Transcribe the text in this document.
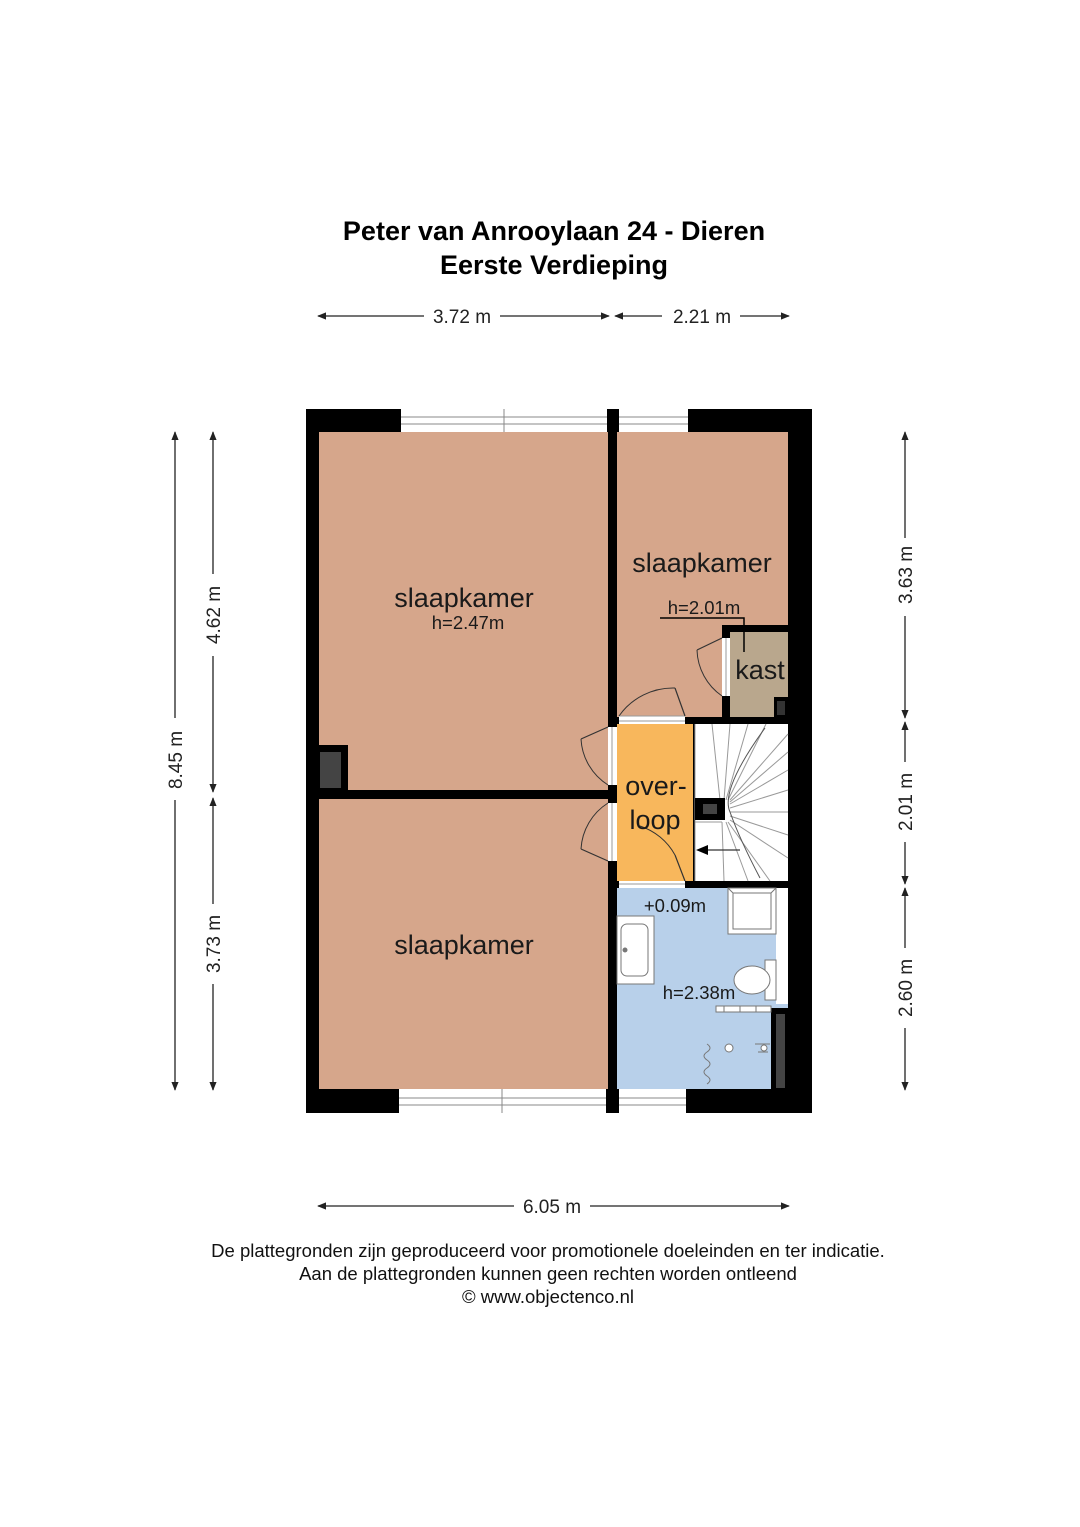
Peter van Anrooylaan 24 - Dieren
Eerste Verdieping
3.72 m	2.21 m
6.05 m
8.45 m
4.62 m
3.73 m
3.63 m
2.01 m
2.60 m
slaapkamer
h=2.47m
slaapkamer
h=2.01m
kast
over-
loop
slaapkamer
+0.09m
h=2.38m
De plattegronden zijn geproduceerd voor promotionele doeleinden en ter indicatie.
Aan de plattegronden kunnen geen rechten worden ontleend
© www.objectenco.nl
